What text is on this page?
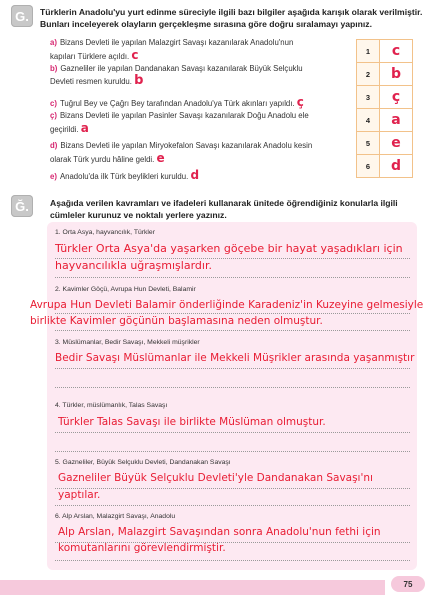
G.	Türklerin Anadolu'yu yurt edinme süreciyle ilgili bazı bilgiler aşağıda karışık olarak verilmiştir. Bunları inceleyerek olayların gerçekleşme sırasına göre doğru sıralamayı yapınız.
a) Bizans Devleti ile yapılan Malazgirt Savaşı kazanılarak Anadolu'nun kapıları Türklere açıldı. c
b) Gazneliler ile yapılan Dandanakan Savaşı kazanılarak Büyük Selçuklu Devleti resmen kuruldu. b
c) Tuğrul Bey ve Çağrı Bey tarafından Anadolu'ya Türk akınları yapıldı. ç
ç) Bizans Devleti ile yapılan Pasinler Savaşı kazanılarak Doğu Anadolu ele geçirildi. a
d) Bizans Devleti ile yapılan Miryokefalon Savaşı kazanılarak Anadolu kesin olarak Türk yurdu hâline geldi. e
e) Anadolu'da ilk Türk beylikleri kuruldu. d
1	c
2	b
3	ç
4	a
5	e
6	d
Ğ.	Aşağıda verilen kavramları ve ifadeleri kullanarak ünitede öğrendiğiniz konularla ilgili cümleler kurunuz ve noktalı yerlere yazınız.
1. Orta Asya, hayvancılık, Türkler
Türkler Orta Asya'da yaşarken göçebe bir hayat yaşadıkları için hayvancılıkla uğraşmışlardır.
2. Kavimler Göçü, Avrupa Hun Devleti, Balamir
Avrupa Hun Devleti Balamir önderliğinde Karadeniz'in Kuzeyine gelmesiyle birlikte Kavimler göçünün başlamasına neden olmuştur.
3. Müslümanlar, Bedir Savaşı, Mekkeli müşrikler
Bedir Savaşı Müslümanlar ile Mekkeli Müşrikler arasında yaşanmıştır
4. Türkler, müslümanlık, Talas Savaşı
Türkler Talas Savaşı ile birlikte Müslüman olmuştur.
5. Gazneliler, Büyük Selçuklu Devleti, Dandanakan Savaşı
Gazneliler Büyük Selçuklu Devleti'yle Dandanakan Savaşı'nı yaptılar.
6. Alp Arslan, Malazgirt Savaşı, Anadolu
Alp Arslan, Malazgirt Savaşından sonra Anadolu'nun fethi için komutanlarını görevlendirmiştir.
75
